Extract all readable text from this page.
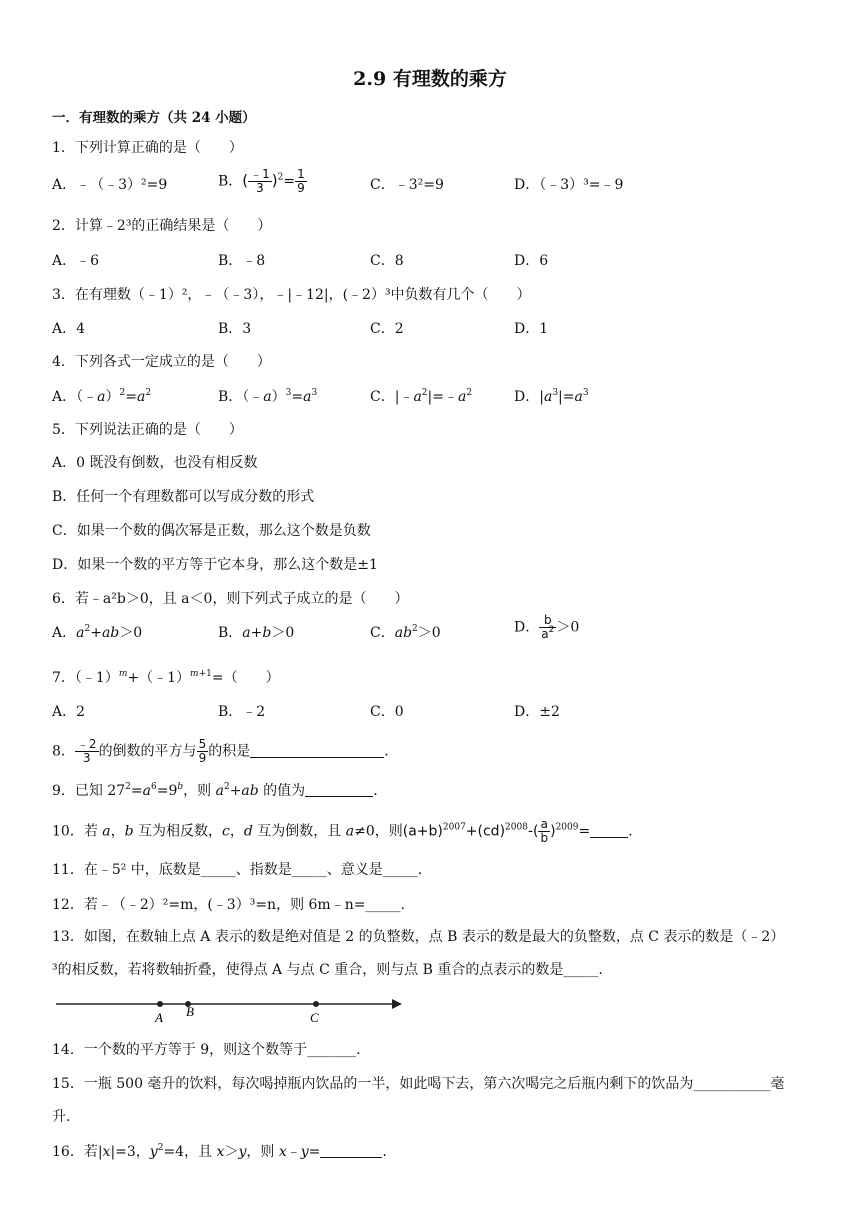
2.9 有理数的乘方
一．有理数的乘方（共 24 小题）
1．下列计算正确的是（　　）
A．﹣（﹣3）²=9	B．( $\frac{﹣1}{3} )^2= \frac{1}{9}$	C．﹣3²=9	D．（﹣3）³=﹣9
2．计算﹣2³的正确结果是（　　）
A．﹣6	B．﹣8	C．8	D．6
3．在有理数（﹣1）²，﹣（﹣3），﹣|﹣12|，(﹣2）³中负数有几个（　　）
A．4	B．3	C．2	D．1
4．下列各式一定成立的是（　　）
A．$(﹣a)^2=a^2$	B．$(﹣a)^3=a^3$	C．$|﹣a^2|=﹣a^2$	D．$|a^3|=a^3$
5．下列说法正确的是（　　）
A．0 既没有倒数，也没有相反数
B．任何一个有理数都可以写成分数的形式
C．如果一个数的偶次幂是正数，那么这个数是负数
D．如果一个数的平方等于它本身，那么这个数是±1
6．若﹣a²b＞0，且 a＜0，则下列式子成立的是（　　）
A．$a^2+ab>0$	B．a+b＞0	C．$ab^2>0$	D． $\frac{b}{a^2} >0$
7．（﹣1）$^m$+（﹣1）$^{m+1}$=（　　）
A．2	B．﹣2	C．0	D．±2
8． $\frac{﹣2}{3}$ 的倒数的平方与 $\frac{5}{9}$ 的积是	.
9．已知 $27^2=a^6=9^b$，则 $a^2+ab$ 的值为	.
10．若 a，b 互为相反数，c，d 互为倒数，且 a≠0，则$(a+b)^{2007}+(cd)^{2008}-( \frac{a}{b} )^{2009}=$	.
11．在﹣5² 中，底数是_____、指数是_____、意义是_____.
12．若﹣（﹣2）²=m，(﹣3）³=n，则 6m﹣n=_____.
13．如图，在数轴上点 A 表示的数是绝对值是 2 的负整数，点 B 表示的数是最大的负整数，点 C 表示的数是（﹣2）
³的相反数，若将数轴折叠，使得点 A 与点 C 重合，则与点 B 重合的点表示的数是_____.
A B	C
14．一个数的平方等于 9，则这个数等于_______.
15．一瓶 500 毫升的饮料，每次喝掉瓶内饮品的一半，如此喝下去，第六次喝完之后瓶内剩下的饮品为___________毫
升.
16．若|x|=3，$y^2=4$，且 x＞y，则 x﹣y=	.
